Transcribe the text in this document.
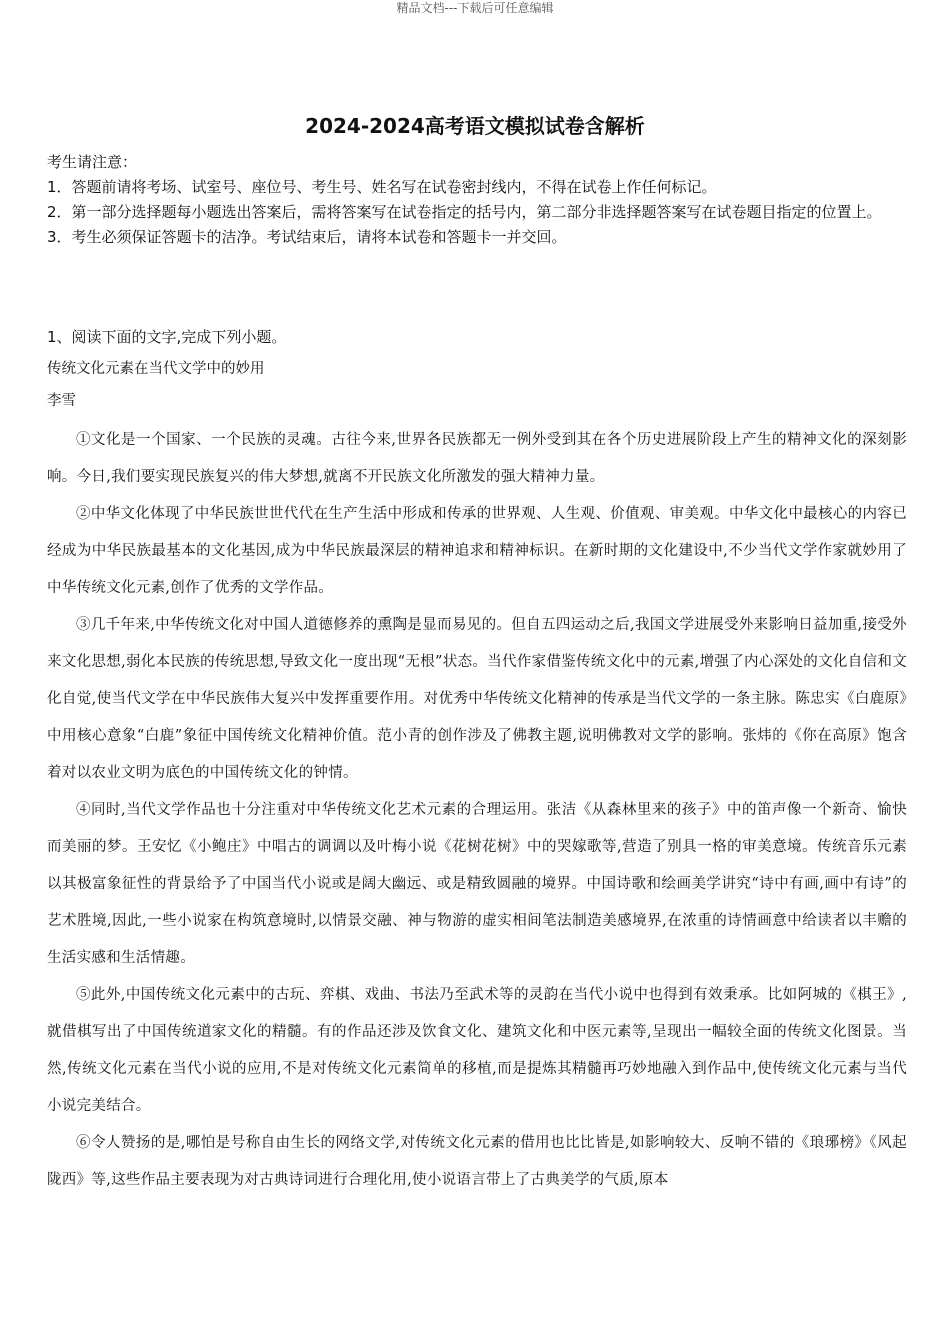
精品文档---下载后可任意编辑
2024-2024高考语文模拟试卷含解析

考生请注意：

1．答题前请将考场、试室号、座位号、考生号、姓名写在试卷密封线内，不得在试卷上作任何标记。

2．第一部分选择题每小题选出答案后，需将答案写在试卷指定的括号内，第二部分非选择题答案写在试卷题目指定的位置上。

3．考生必须保证答题卡的洁净。考试结束后，请将本试卷和答题卡一并交回。

1、阅读下面的文字,完成下列小题。

传统文化元素在当代文学中的妙用

李雪

①文化是一个国家、一个民族的灵魂。古往今来,世界各民族都无一例外受到其在各个历史进展阶段上产生的精神文化的深刻影响。今日,我们要实现民族复兴的伟大梦想,就离不开民族文化所激发的强大精神力量。

②中华文化体现了中华民族世世代代在生产生活中形成和传承的世界观、人生观、价值观、审美观。中华文化中最核心的内容已经成为中华民族最基本的文化基因,成为中华民族最深层的精神追求和精神标识。在新时期的文化建设中,不少当代文学作家就妙用了中华传统文化元素,创作了优秀的文学作品。

③几千年来,中华传统文化对中国人道德修养的熏陶是显而易见的。但自五四运动之后,我国文学进展受外来影响日益加重,接受外来文化思想,弱化本民族的传统思想,导致文化一度出现“无根”状态。当代作家借鉴传统文化中的元素,增强了内心深处的文化自信和文化自觉,使当代文学在中华民族伟大复兴中发挥重要作用。对优秀中华传统文化精神的传承是当代文学的一条主脉。陈忠实《白鹿原》中用核心意象“白鹿”象征中国传统文化精神价值。范小青的创作涉及了佛教主题,说明佛教对文学的影响。张炜的《你在高原》饱含着对以农业文明为底色的中国传统文化的钟情。

④同时,当代文学作品也十分注重对中华传统文化艺术元素的合理运用。张洁《从森林里来的孩子》中的笛声像一个新奇、愉快而美丽的梦。王安忆《小鲍庄》中唱古的调调以及叶梅小说《花树花树》中的哭嫁歌等,营造了别具一格的审美意境。传统音乐元素以其极富象征性的背景给予了中国当代小说或是阔大幽远、或是精致圆融的境界。中国诗歌和绘画美学讲究“诗中有画,画中有诗”的艺术胜境,因此,一些小说家在构筑意境时,以情景交融、神与物游的虚实相间笔法制造美感境界,在浓重的诗情画意中给读者以丰赡的生活实感和生活情趣。

⑤此外,中国传统文化元素中的古玩、弈棋、戏曲、书法乃至武术等的灵韵在当代小说中也得到有效秉承。比如阿城的《棋王》,就借棋写出了中国传统道家文化的精髓。有的作品还涉及饮食文化、建筑文化和中医元素等,呈现出一幅较全面的传统文化图景。当然,传统文化元素在当代小说的应用,不是对传统文化元素简单的移植,而是提炼其精髓再巧妙地融入到作品中,使传统文化元素与当代小说完美结合。

⑥令人赞扬的是,哪怕是号称自由生长的网络文学,对传统文化元素的借用也比比皆是,如影响较大、反响不错的《琅琊榜》《风起陇西》等,这些作品主要表现为对古典诗词进行合理化用,使小说语言带上了古典美学的气质,原本
